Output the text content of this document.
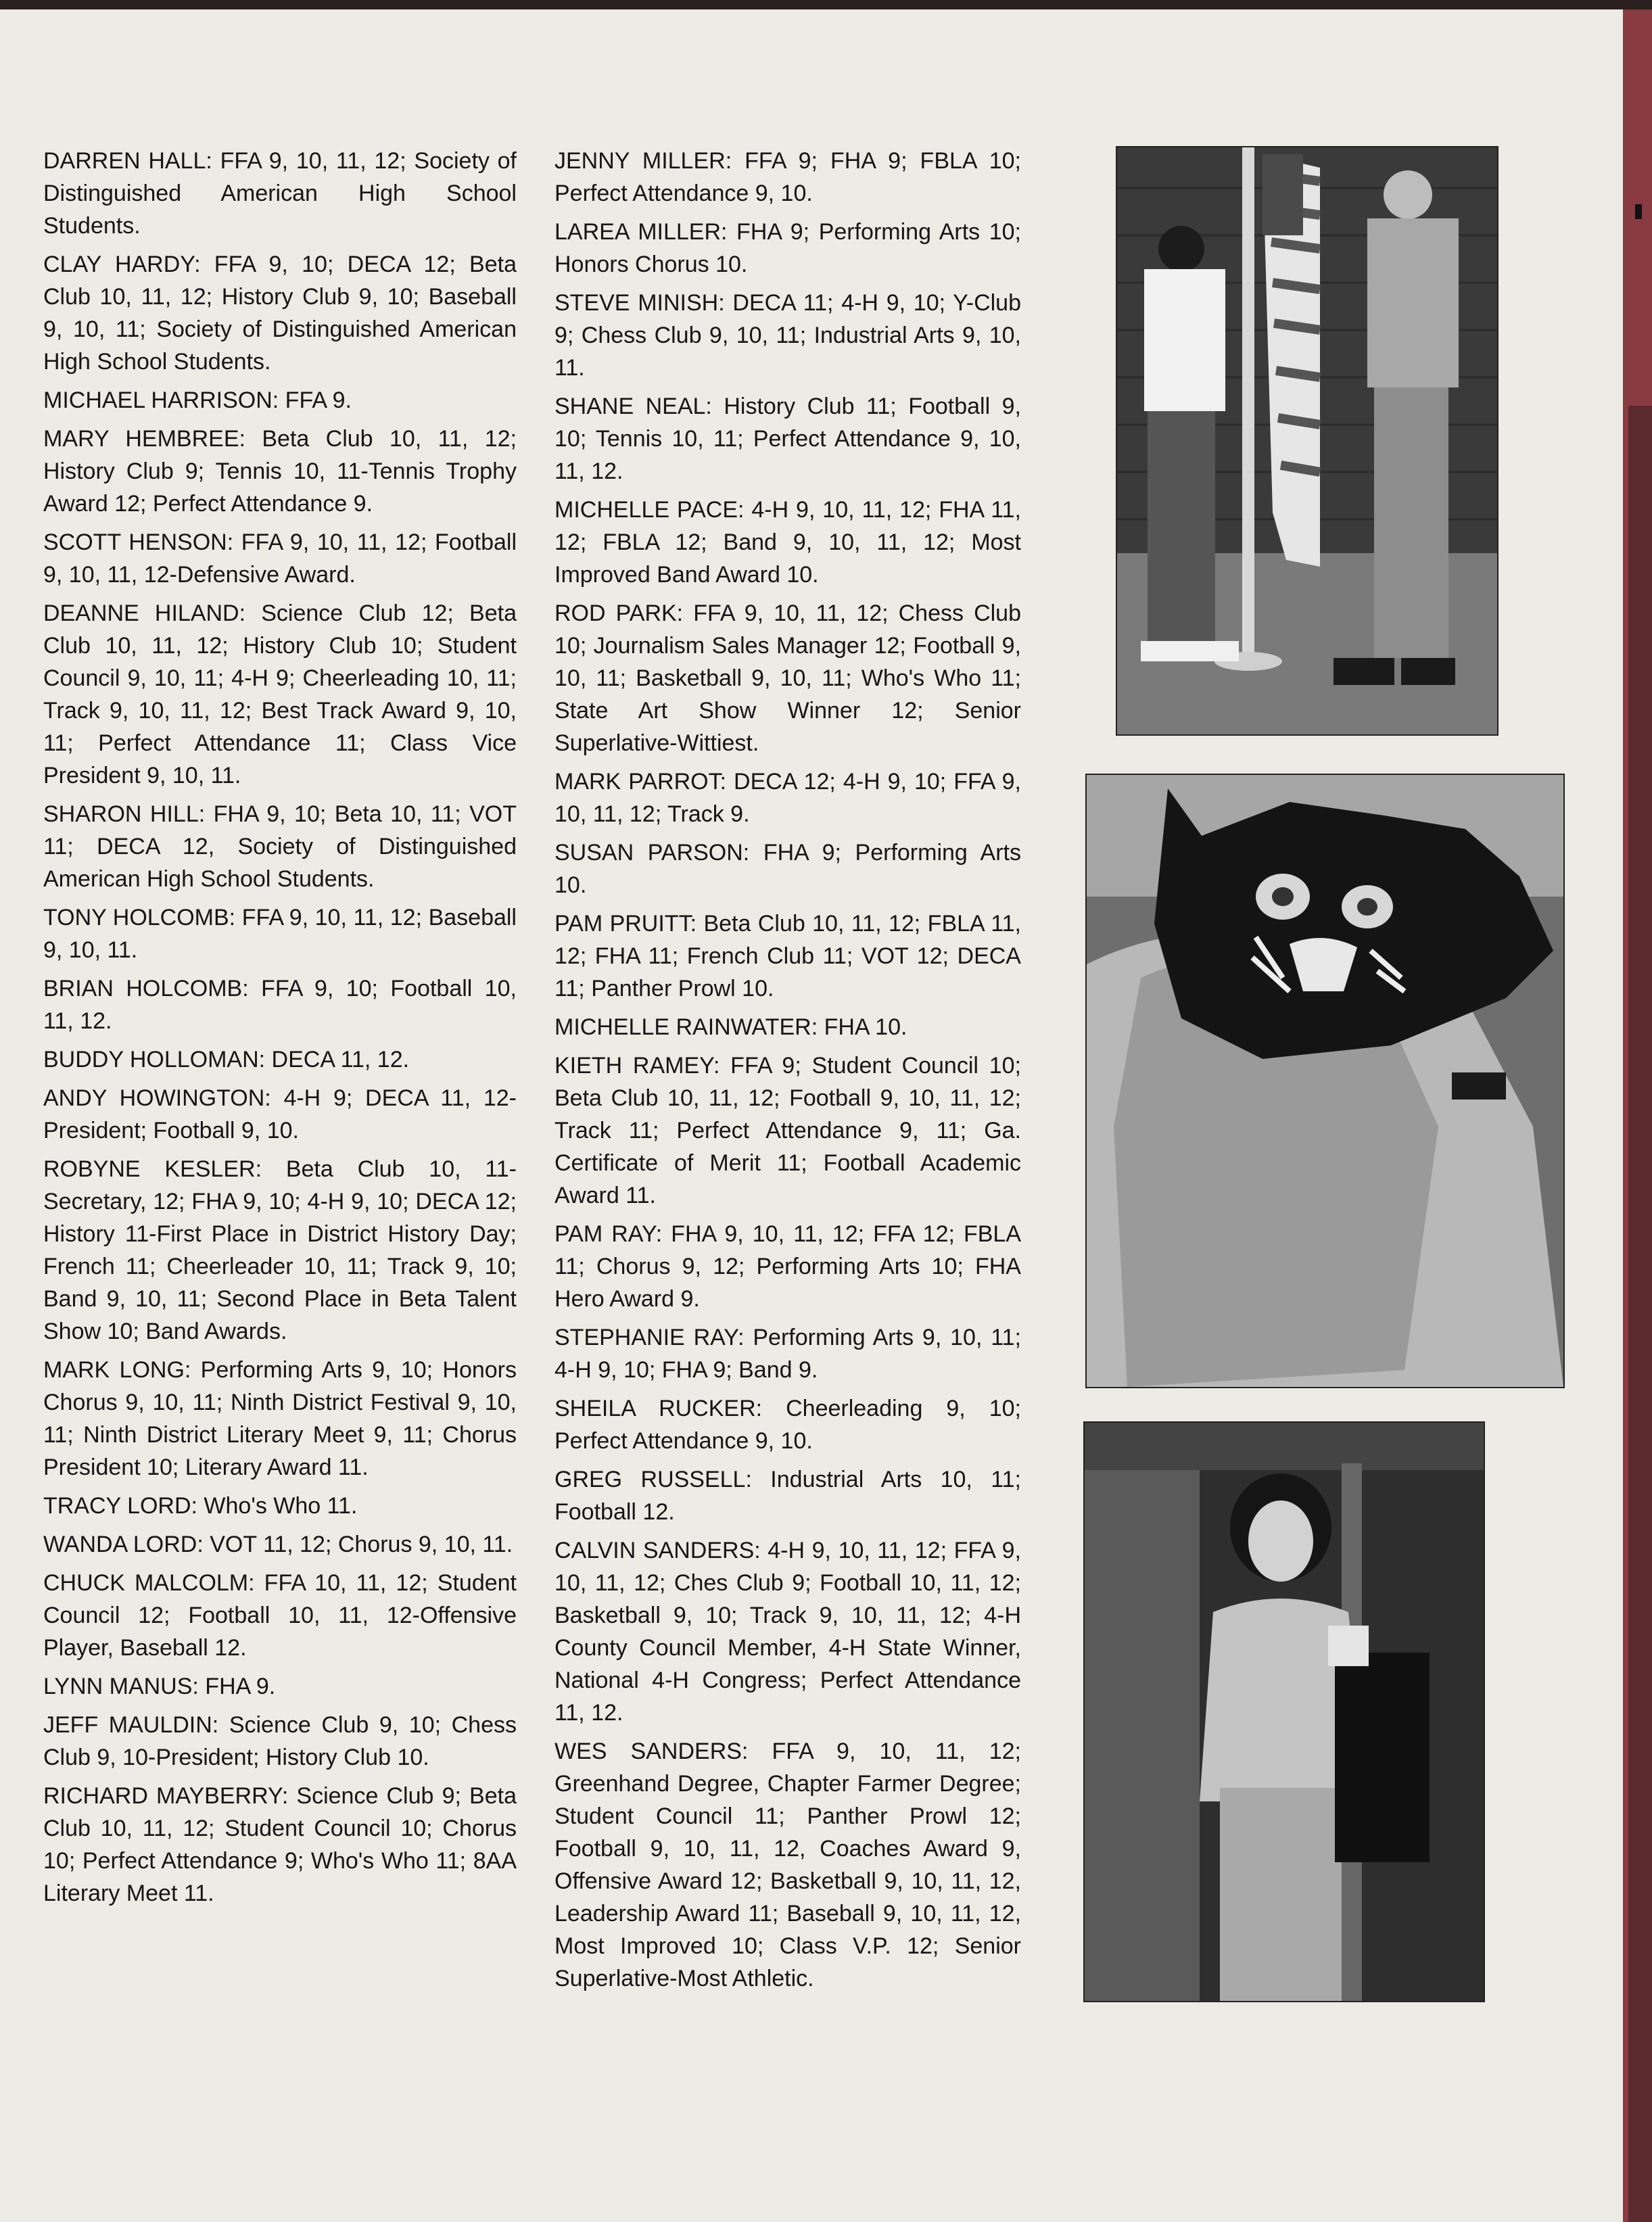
DARREN HALL: FFA 9, 10, 11, 12; Society of Distinguished American High School Students.

CLAY HARDY: FFA 9, 10; DECA 12; Beta Club 10, 11, 12; History Club 9, 10; Baseball 9, 10, 11; Society of Distinguished American High School Students.

MICHAEL HARRISON: FFA 9.

MARY HEMBREE: Beta Club 10, 11, 12; History Club 9; Tennis 10, 11-Tennis Trophy Award 12; Perfect Attendance 9.

SCOTT HENSON: FFA 9, 10, 11, 12; Football 9, 10, 11, 12-Defensive Award.

DEANNE HILAND: Science Club 12; Beta Club 10, 11, 12; History Club 10; Student Council 9, 10, 11; 4-H 9; Cheerleading 10, 11; Track 9, 10, 11, 12; Best Track Award 9, 10, 11; Perfect Attendance 11; Class Vice President 9, 10, 11.

SHARON HILL: FHA 9, 10; Beta 10, 11; VOT 11; DECA 12, Society of Distinguished American High School Students.

TONY HOLCOMB: FFA 9, 10, 11, 12; Baseball 9, 10, 11.

BRIAN HOLCOMB: FFA 9, 10; Football 10, 11, 12.

BUDDY HOLLOMAN: DECA 11, 12.

ANDY HOWINGTON: 4-H 9; DECA 11, 12-President; Football 9, 10.

ROBYNE KESLER: Beta Club 10, 11-Secretary, 12; FHA 9, 10; 4-H 9, 10; DECA 12; History 11-First Place in District History Day; French 11; Cheerleader 10, 11; Track 9, 10; Band 9, 10, 11; Second Place in Beta Talent Show 10; Band Awards.

MARK LONG: Performing Arts 9, 10; Honors Chorus 9, 10, 11; Ninth District Festival 9, 10, 11; Ninth District Literary Meet 9, 11; Chorus President 10; Literary Award 11.

TRACY LORD: Who's Who 11.

WANDA LORD: VOT 11, 12; Chorus 9, 10, 11.

CHUCK MALCOLM: FFA 10, 11, 12; Student Council 12; Football 10, 11, 12-Offensive Player, Baseball 12.

LYNN MANUS: FHA 9.

JEFF MAULDIN: Science Club 9, 10; Chess Club 9, 10-President; History Club 10.

RICHARD MAYBERRY: Science Club 9; Beta Club 10, 11, 12; Student Council 10; Chorus 10; Perfect Attendance 9; Who's Who 11; 8AA Literary Meet 11.

JENNY MILLER: FFA 9; FHA 9; FBLA 10; Perfect Attendance 9, 10.

LAREA MILLER: FHA 9; Performing Arts 10; Honors Chorus 10.

STEVE MINISH: DECA 11; 4-H 9, 10; Y-Club 9; Chess Club 9, 10, 11; Industrial Arts 9, 10, 11.

SHANE NEAL: History Club 11; Football 9, 10; Tennis 10, 11; Perfect Attendance 9, 10, 11, 12.

MICHELLE PACE: 4-H 9, 10, 11, 12; FHA 11, 12; FBLA 12; Band 9, 10, 11, 12; Most Improved Band Award 10.

ROD PARK: FFA 9, 10, 11, 12; Chess Club 10; Journalism Sales Manager 12; Football 9, 10, 11; Basketball 9, 10, 11; Who's Who 11; State Art Show Winner 12; Senior Superlative-Wittiest.

MARK PARROT: DECA 12; 4-H 9, 10; FFA 9, 10, 11, 12; Track 9.

SUSAN PARSON: FHA 9; Performing Arts 10.

PAM PRUITT: Beta Club 10, 11, 12; FBLA 11, 12; FHA 11; French Club 11; VOT 12; DECA 11; Panther Prowl 10.

MICHELLE RAINWATER: FHA 10.

KIETH RAMEY: FFA 9; Student Council 10; Beta Club 10, 11, 12; Football 9, 10, 11, 12; Track 11; Perfect Attendance 9, 11; Ga. Certificate of Merit 11; Football Academic Award 11.

PAM RAY: FHA 9, 10, 11, 12; FFA 12; FBLA 11; Chorus 9, 12; Performing Arts 10; FHA Hero Award 9.

STEPHANIE RAY: Performing Arts 9, 10, 11; 4-H 9, 10; FHA 9; Band 9.

SHEILA RUCKER: Cheerleading 9, 10; Perfect Attendance 9, 10.

GREG RUSSELL: Industrial Arts 10, 11; Football 12.

CALVIN SANDERS: 4-H 9, 10, 11, 12; FFA 9, 10, 11, 12; Ches Club 9; Football 10, 11, 12; Basketball 9, 10; Track 9, 10, 11, 12; 4-H County Council Member, 4-H State Winner, National 4-H Congress; Perfect Attendance 11, 12.

WES SANDERS: FFA 9, 10, 11, 12; Greenhand Degree, Chapter Farmer Degree; Student Council 11; Panther Prowl 12; Football 9, 10, 11, 12, Coaches Award 9, Offensive Award 12; Basketball 9, 10, 11, 12, Leadership Award 11; Baseball 9, 10, 11, 12, Most Improved 10; Class V.P. 12; Senior Superlative-Most Athletic.
